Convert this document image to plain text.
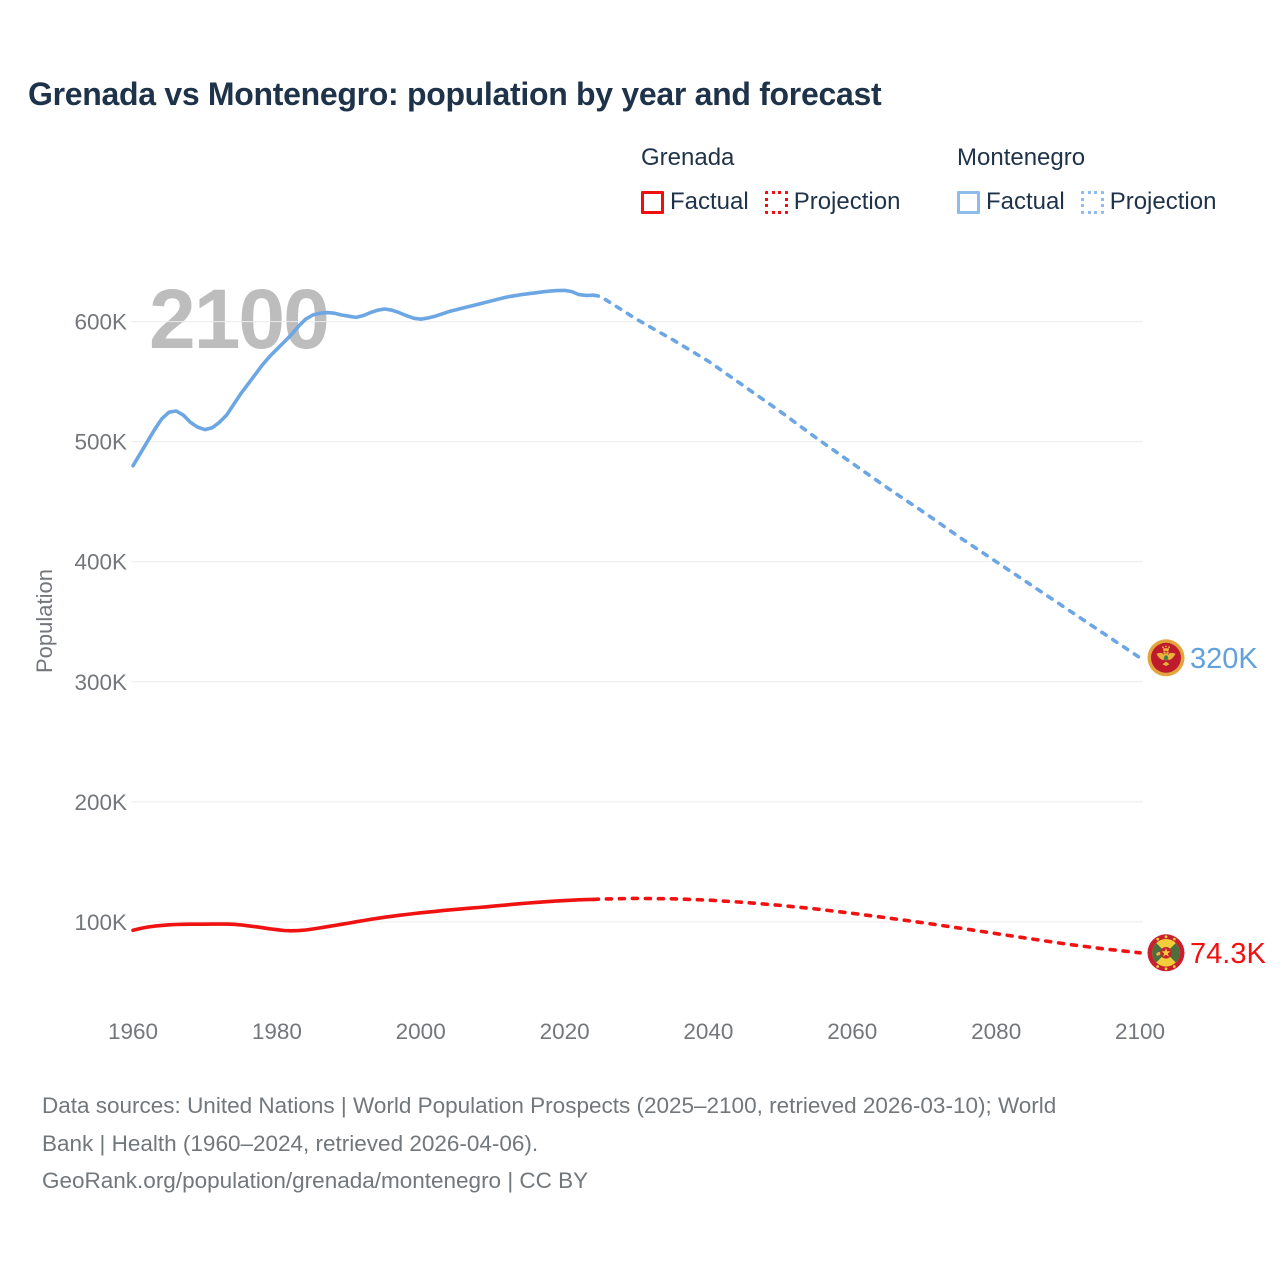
Grenada vs Montenegro: population by year and forecast
Grenada
Factual Projection
Montenegro
Factual Projection
2100
Population
100K
200K
300K
400K
500K
600K
1960	1980	2000	2020	2040	2060	2080	2100
320K
74.3K

Data sources: United Nations | World Population Prospects (2025–2100, retrieved 2026-03-10); World

Bank | Health (1960–2024, retrieved 2026-04-06).

GeoRank.org/population/grenada/montenegro | CC BY
